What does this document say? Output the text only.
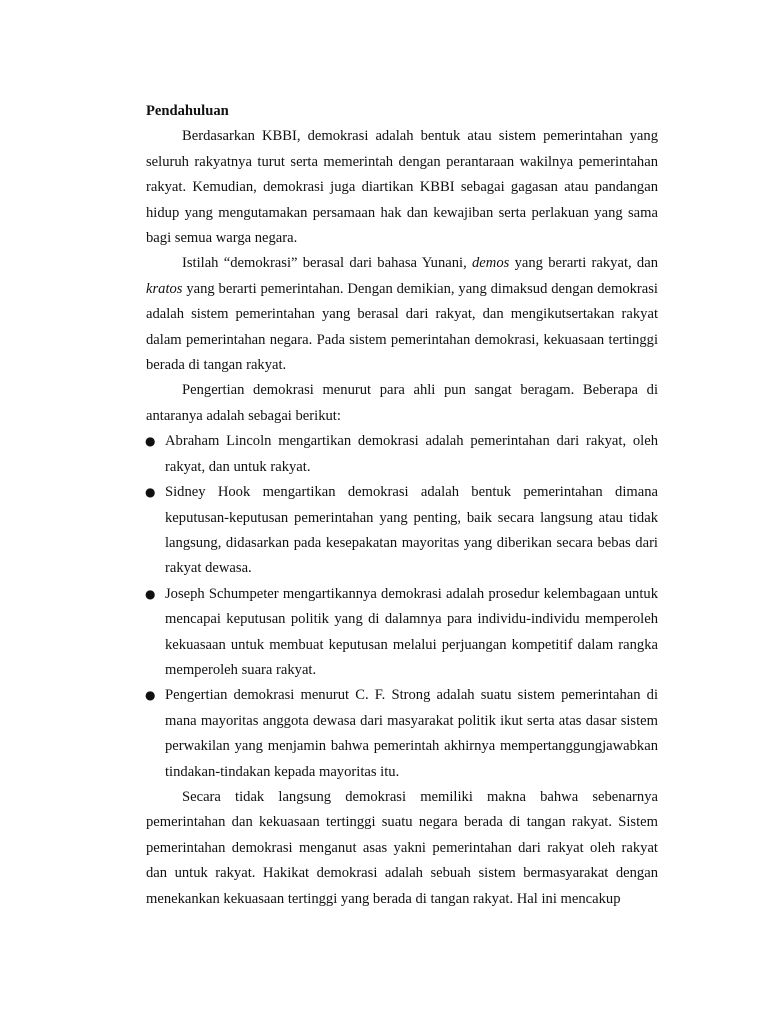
Pendahuluan

Berdasarkan KBBI, demokrasi adalah bentuk atau sistem pemerintahan yang seluruh rakyatnya turut serta memerintah dengan perantaraan wakilnya pemerintahan rakyat. Kemudian, demokrasi juga diartikan KBBI sebagai gagasan atau pandangan hidup yang mengutamakan persamaan hak dan kewajiban serta perlakuan yang sama bagi semua warga negara.

Istilah “demokrasi” berasal dari bahasa Yunani, demos yang berarti rakyat, dan kratos yang berarti pemerintahan. Dengan demikian, yang dimaksud dengan demokrasi adalah sistem pemerintahan yang berasal dari rakyat, dan mengikutsertakan rakyat dalam pemerintahan negara. Pada sistem pemerintahan demokrasi, kekuasaan tertinggi berada di tangan rakyat.

Pengertian demokrasi menurut para ahli pun sangat beragam. Beberapa di antaranya adalah sebagai berikut:

● Abraham Lincoln mengartikan demokrasi adalah pemerintahan dari rakyat, oleh rakyat, dan untuk rakyat.
● Sidney Hook mengartikan demokrasi adalah bentuk pemerintahan dimana keputusan-keputusan pemerintahan yang penting, baik secara langsung atau tidak langsung, didasarkan pada kesepakatan mayoritas yang diberikan secara bebas dari rakyat dewasa.
● Joseph Schumpeter mengartikannya demokrasi adalah prosedur kelembagaan untuk mencapai keputusan politik yang di dalamnya para individu-individu memperoleh kekuasaan untuk membuat keputusan melalui perjuangan kompetitif dalam rangka memperoleh suara rakyat.
● Pengertian demokrasi menurut C. F. Strong adalah suatu sistem pemerintahan di mana mayoritas anggota dewasa dari masyarakat politik ikut serta atas dasar sistem perwakilan yang menjamin bahwa pemerintah akhirnya mempertanggungjawabkan tindakan-tindakan kepada mayoritas itu.

Secara tidak langsung demokrasi memiliki makna bahwa sebenarnya pemerintahan dan kekuasaan tertinggi suatu negara berada di tangan rakyat. Sistem pemerintahan demokrasi menganut asas yakni pemerintahan dari rakyat oleh rakyat dan untuk rakyat. Hakikat demokrasi adalah sebuah sistem bermasyarakat dengan menekankan kekuasaan tertinggi yang berada di tangan rakyat. Hal ini mencakup
